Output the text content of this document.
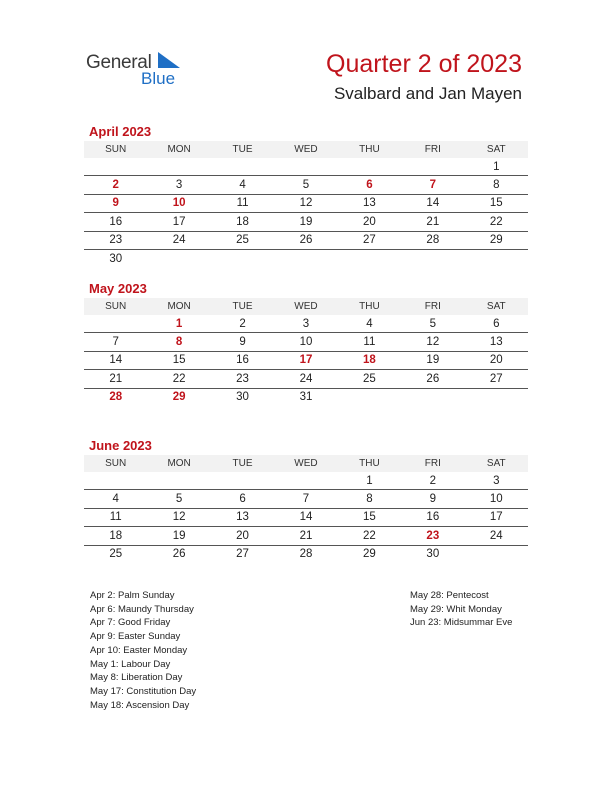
General
Blue
Quarter 2 of 2023
Svalbard and Jan Mayen
April 2023
SUN	MON	TUE	WED	THU	FRI	SAT
						1
2	3	4	5	6	7	8
9	10	11	12	13	14	15
16	17	18	19	20	21	22
23	24	25	26	27	28	29
30						
May 2023
SUN	MON	TUE	WED	THU	FRI	SAT
	1	2	3	4	5	6
7	8	9	10	11	12	13
14	15	16	17	18	19	20
21	22	23	24	25	26	27
28	29	30	31			
June 2023
SUN	MON	TUE	WED	THU	FRI	SAT
				1	2	3
4	5	6	7	8	9	10
11	12	13	14	15	16	17
18	19	20	21	22	23	24
25	26	27	28	29	30	
Apr 2: Palm Sunday
Apr 6: Maundy Thursday
Apr 7: Good Friday
Apr 9: Easter Sunday
Apr 10: Easter Monday
May 1: Labour Day
May 8: Liberation Day
May 17: Constitution Day
May 18: Ascension Day
May 28: Pentecost
May 29: Whit Monday
Jun 23: Midsummar Eve
